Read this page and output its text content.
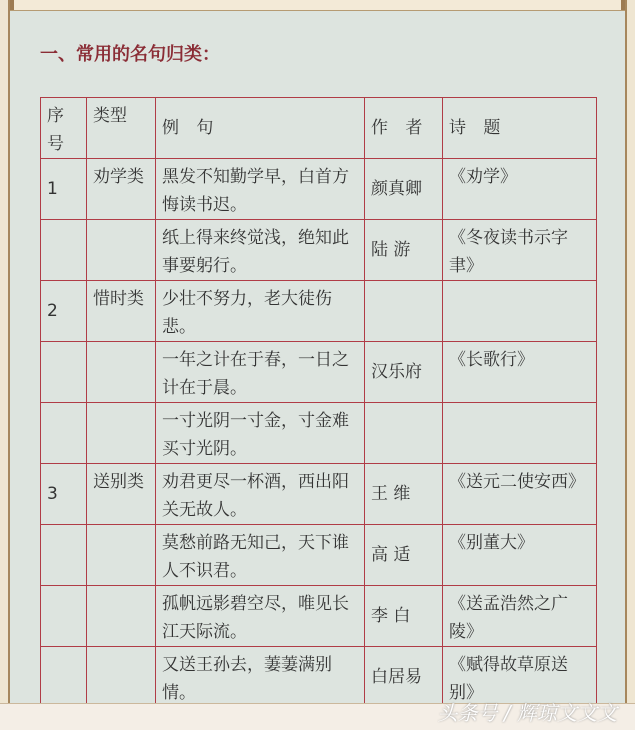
一、常用的名句归类：
序号	类型	例 句	作 者	诗 题
1	劝学类	黑发不知勤学早，白首方悔读书迟。	颜真卿	《劝学》
		纸上得来终觉浅，绝知此事要躬行。	陆 游	《冬夜读书示字聿》
2	惜时类	少壮不努力，老大徒伤悲。		
		一年之计在于春，一日之计在于晨。	汉乐府	《长歌行》
		一寸光阴一寸金，寸金难买寸光阴。		
3	送别类	劝君更尽一杯酒，西出阳关无故人。	王 维	《送元二使安西》
		莫愁前路无知己，天下谁人不识君。	高 适	《别董大》
		孤帆远影碧空尽，唯见长江天际流。	李 白	《送孟浩然之广陵》
		又送王孙去，萋萋满别情。	白居易	《赋得故草原送别》
头条号 / 辉琼文文文
